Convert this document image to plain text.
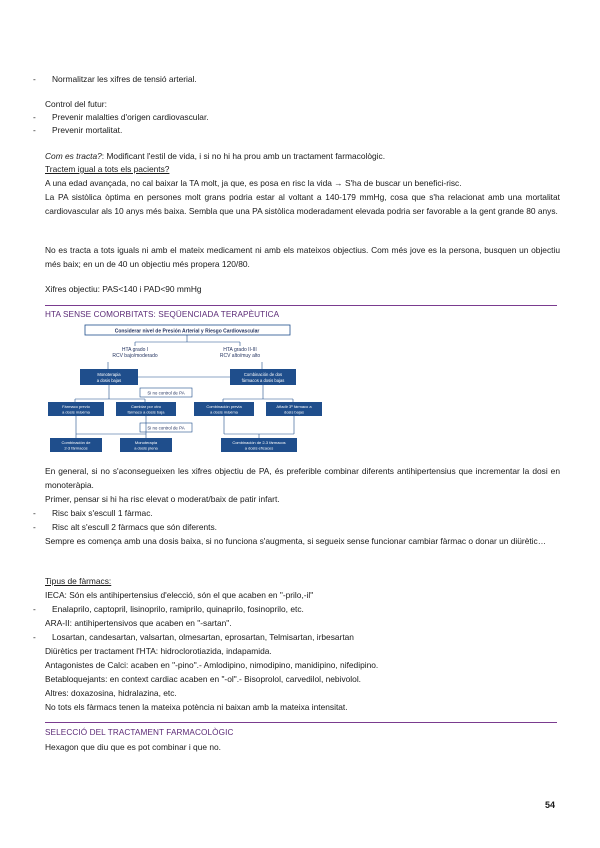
- Normalitzar les xifres de tensió arterial.
Control del futur:
- Prevenir malalties d'origen cardiovascular.
- Prevenir mortalitat.
Com es tracta?: Modificant l'estil de vida, i si no hi ha prou amb un tractament farmacològic.
Tractem igual a tots els pacients?
A una edad avançada, no cal baixar la TA molt, ja que, es posa en risc la vida → S'ha de buscar un benefici-risc.
La PA sistòlica òptima en persones molt grans podria estar al voltant a 140-179 mmHg, cosa que s'ha relacionat amb una mortalitat cardiovascular als 10 anys més baixa. Sembla que una PA sistòlica moderadament elevada podria ser favorable a la gent grande 80 anys.
No es tracta a tots iguals ni amb el mateix medicament ni amb els mateixos objectius. Com més jove es la persona, busquen un objectiu més baix; en un de 40 un objectiu més propera 120/80.
Xifres objectiu: PAS<140 i PAD<90 mmHg
HTA SENSE COMORBITATS: SEQÜENCIADA TERAPÈUTICA
Considerar nivel de Presión Arterial y Riesgo Cardiovascular
HTA grado I
RCV bajo/moderado
HTA grado II-III
RCV alto/muy alto
Monoterapia
a dosis bajas
Combinación de dos
fármacos a dosis bajas
Si no control de PA
Fármaco previo
a dosis máxima
Cambiar por otro
fármaco a dosis baja
Combinación previa
a dosis máxima
Añadir 3º fármaco a
dosis bajas
Si no control de PA
Combinación de
2-3 fármacos
Monoterapia
a dosis plena
Combinación de 2-3 fármacos
a dosis eficaces
En general, si no s'aconsegueixen les xifres objectiu de PA, és preferible combinar diferents antihipertensius que incrementar la dosi en monoteràpia.
Primer, pensar si hi ha risc elevat o moderat/baix de patir infart.
- Risc baix s'escull 1 fàrmac.
- Risc alt s'escull 2 fàrmacs que són diferents.
Sempre es comença amb una dosis baixa, si no funciona s'augmenta, si segueix sense funcionar cambiar fàrmac o donar un diürètic…
Tipus de fàrmacs:
IECA: Són els antihipertensius d'elecció, són el que acaben en "-prilo,-il"
- Enalaprilo, captopril, lisinoprilo, ramiprilo, quinaprilo, fosinoprilo, etc.
ARA-II: antihipertensivos que acaben en "-sartan".
- Losartan, candesartan, valsartan, olmesartan, eprosartan, Telmisartan, irbesartan
Diürètics per tractament l'HTA: hidroclorotiazida, indapamida.
Antagonistes de Calci: acaben en "-pino".- Amlodipino, nimodipino, manidipino, nifedipino.
Betabloquejants: en context cardiac acaben en "-ol".- Bisoprolol, carvedilol, nebivolol.
Altres: doxazosina, hidralazina, etc.
No tots els fàrmacs tenen la mateixa potència ni baixan amb la mateixa intensitat.
SELECCIÓ DEL TRACTAMENT FARMACOLÒGIC
Hexagon que diu que es pot combinar i que no.
54
